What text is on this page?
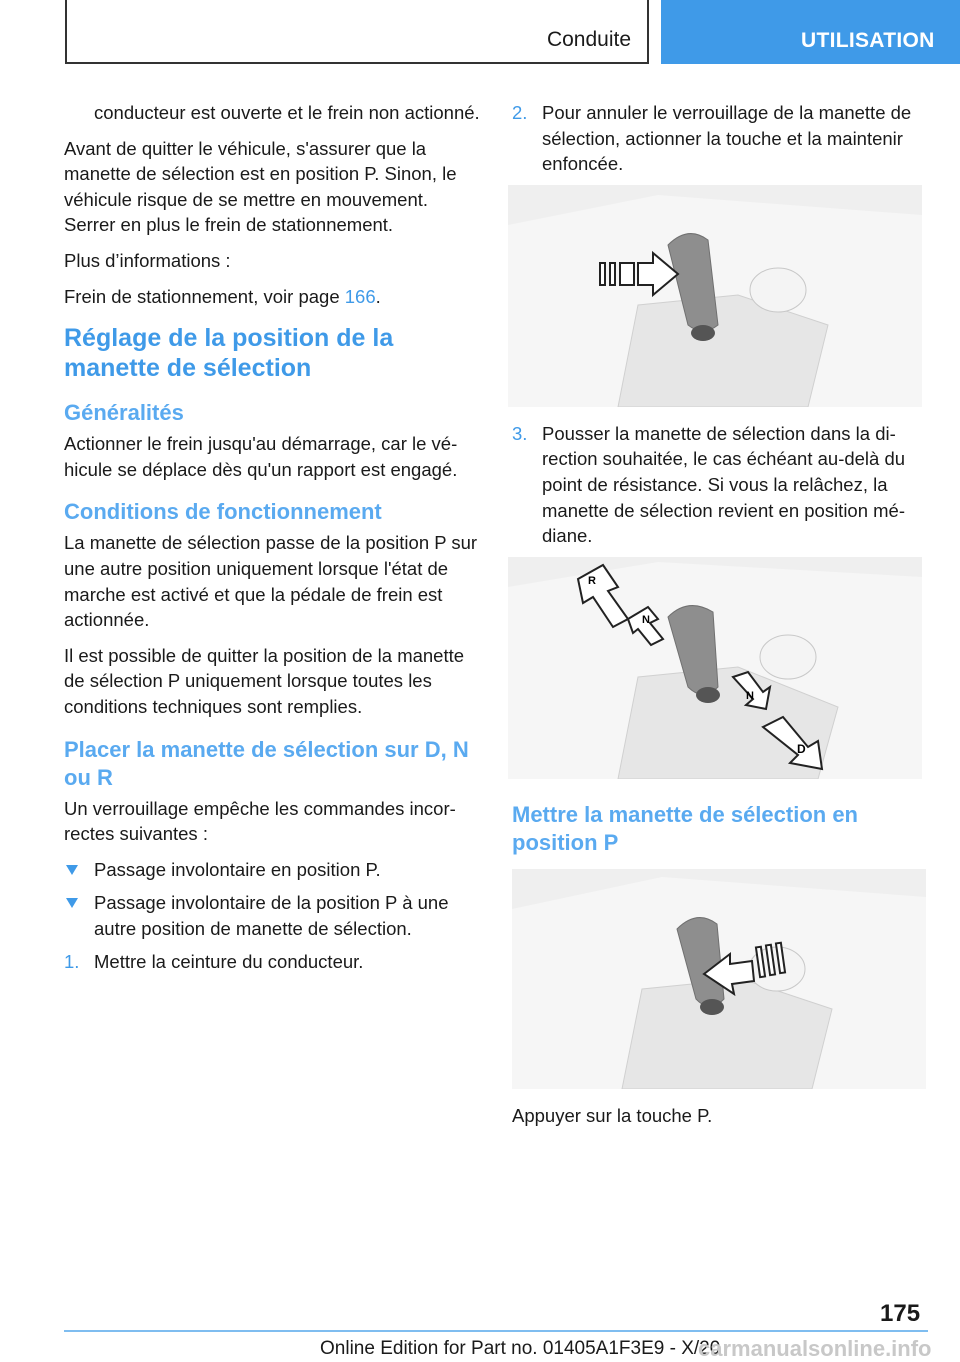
Conduite	UTILISATION

conducteur est ouverte et le frein non actionné.

Avant de quitter le véhicule, s'assurer que la manette de sélection est en position P. Sinon, le véhicule risque de se mettre en mouvement. Serrer en plus le frein de stationnement.

Plus d’informations :

Frein de stationnement, voir page 166.

Réglage de la position de la manette de sélection
Généralités

Actionner le frein jusqu'au démarrage, car le véhicule se déplace dès qu'un rapport est engagé.

Conditions de fonctionnement

La manette de sélection passe de la position P sur une autre position uniquement lorsque l'état de marche est activé et que la pédale de frein est actionnée.

Il est possible de quitter la position de la manette de sélection P uniquement lorsque toutes les conditions techniques sont remplies.

Placer la manette de sélection sur D, N ou R

Un verrouillage empêche les commandes incorrectes suivantes :

Passage involontaire en position P.
Passage involontaire de la position P à une autre position de manette de sélection.
1. Mettre la ceinture du conducteur.
2. Pour annuler le verrouillage de la manette de sélection, actionner la touche et la maintenir enfoncée.
3. Pousser la manette de sélection dans la direction souhaitée, le cas échéant au-delà du point de résistance. Si vous la relâchez, la manette de sélection revient en position médiane.
R
N
N
D
Mettre la manette de sélection en position P

Appuyer sur la touche P.

175
Online Edition for Part no. 01405A1F3E9 - X/20
carmanualsonline.info
